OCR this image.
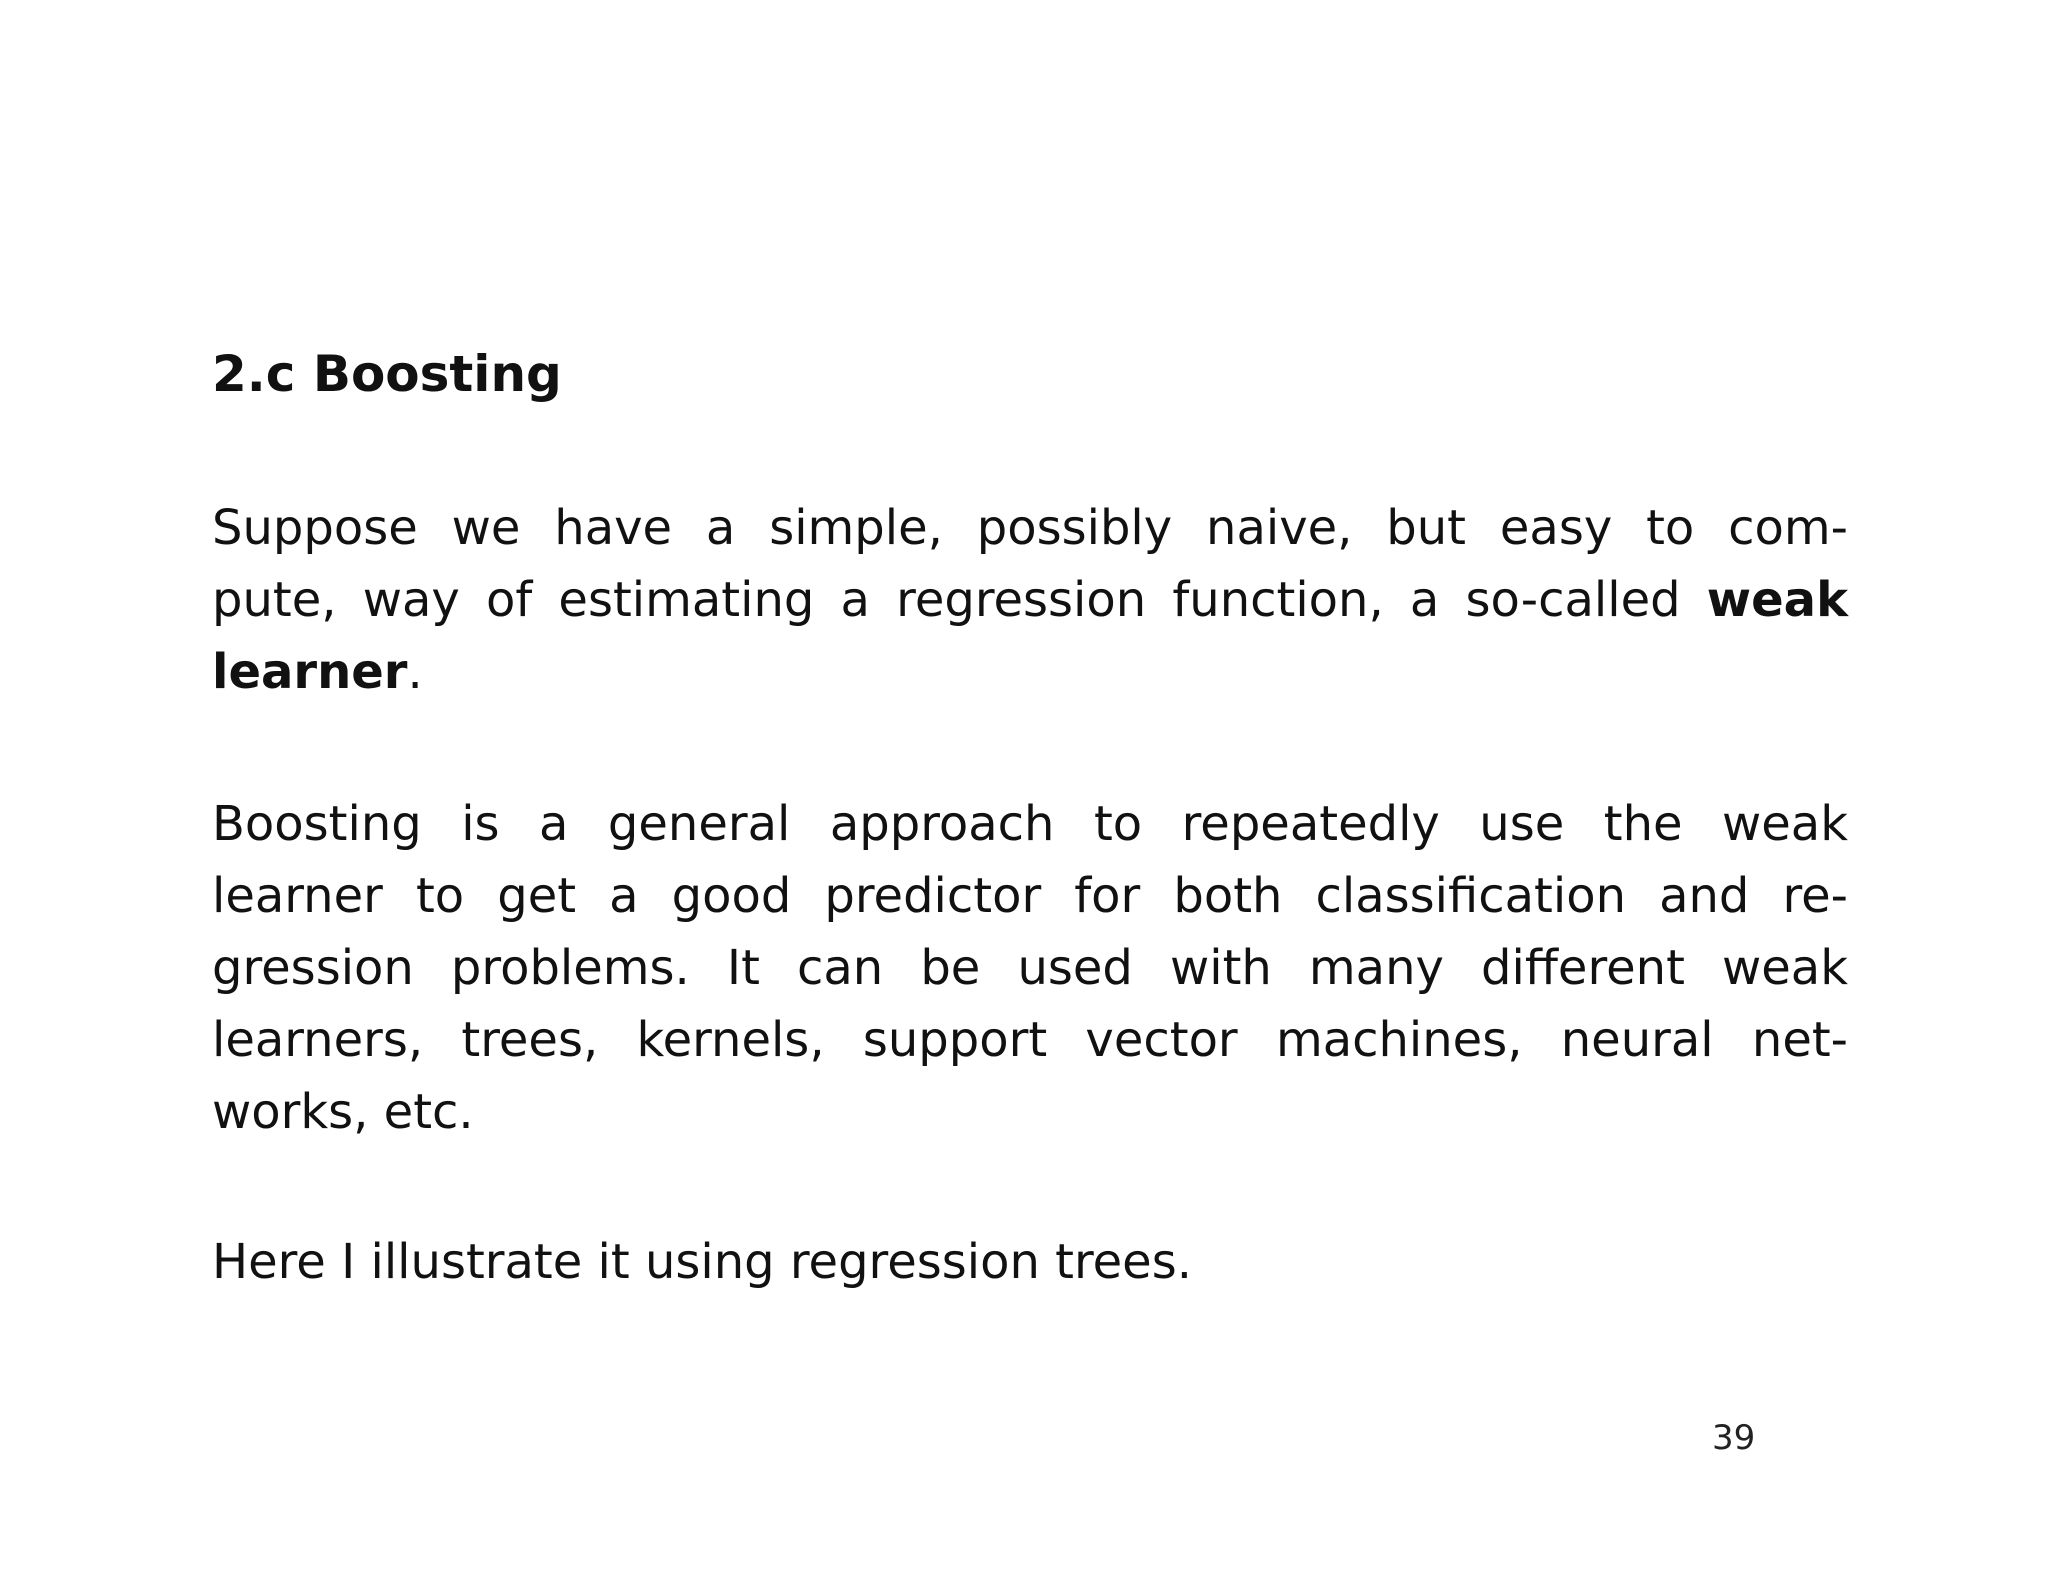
2.c Boosting
Suppose we have a simple, possibly naive, but easy to com-
pute, way of estimating a regression function, a so-called weak
learner.
Boosting is a general approach to repeatedly use the weak
learner to get a good predictor for both classification and re-
gression problems. It can be used with many different weak
learners, trees, kernels, support vector machines, neural net-
works, etc.
Here I illustrate it using regression trees.
39
